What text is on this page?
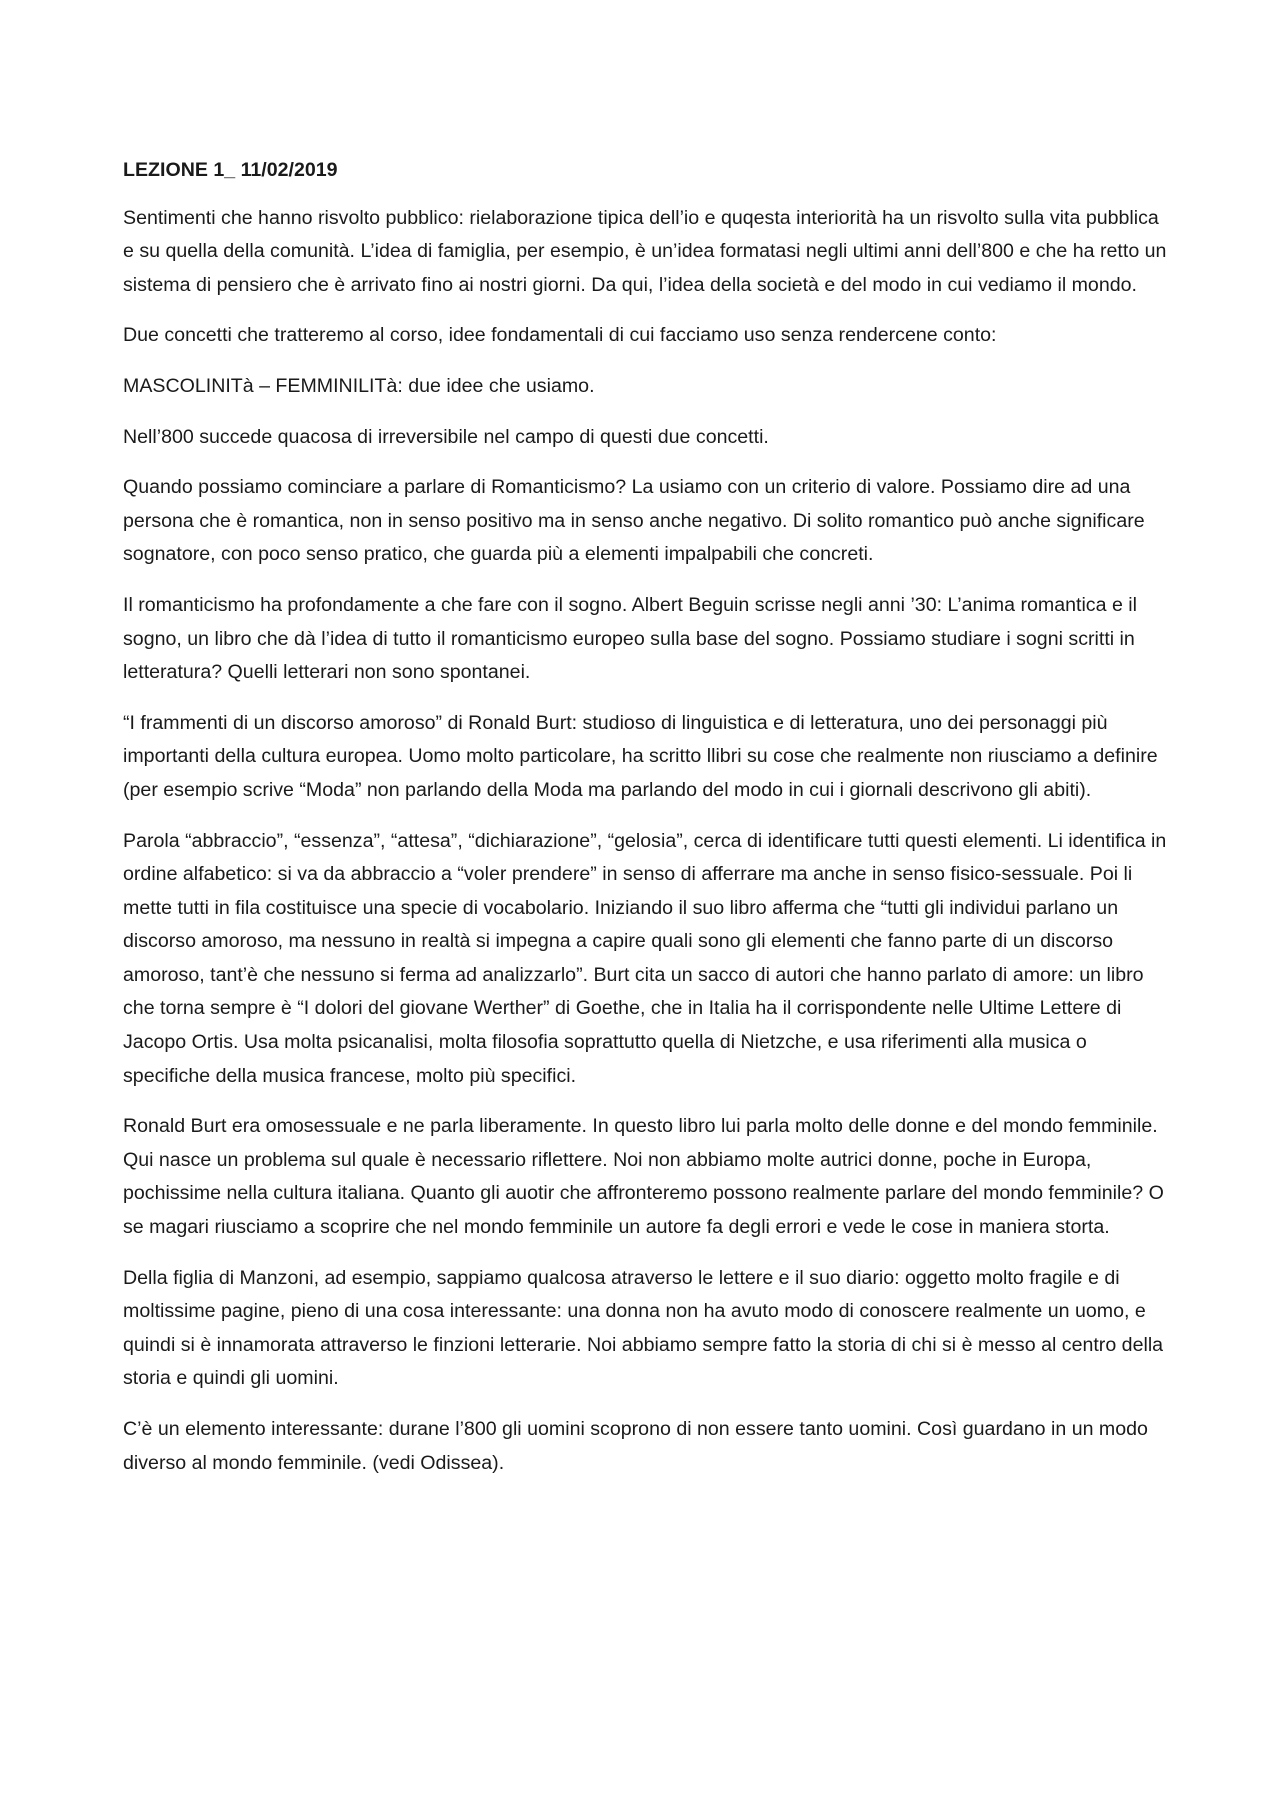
LEZIONE 1_ 11/02/2019

Sentimenti che hanno risvolto pubblico: rielaborazione tipica dell’io e quqesta interiorità ha un risvolto sulla vita pubblica e su quella della comunità. L’idea di famiglia, per esempio, è un’idea formatasi negli ultimi anni dell’800 e che ha retto un sistema di pensiero che è arrivato fino ai nostri giorni. Da qui, l’idea della società e del modo in cui vediamo il mondo.

Due concetti che tratteremo al corso, idee fondamentali di cui facciamo uso senza rendercene conto:

MASCOLINITà – FEMMINILITà: due idee che usiamo.

Nell’800 succede quacosa di irreversibile nel campo di questi due concetti.

Quando possiamo cominciare a parlare di Romanticismo? La usiamo con un criterio di valore. Possiamo dire ad una persona che è romantica, non in senso positivo ma in senso anche negativo. Di solito romantico può anche significare sognatore, con poco senso pratico, che guarda più a elementi impalpabili che concreti.

Il romanticismo ha profondamente a che fare con il sogno. Albert Beguin scrisse negli anni ’30: L’anima romantica e il sogno, un libro che dà l’idea di tutto il romanticismo europeo sulla base del sogno. Possiamo studiare i sogni scritti in letteratura? Quelli letterari non sono spontanei.

“I frammenti di un discorso amoroso” di Ronald Burt: studioso di linguistica e di letteratura, uno dei personaggi più importanti della cultura europea. Uomo molto particolare, ha scritto llibri su cose che realmente non riusciamo a definire (per esempio scrive “Moda” non parlando della Moda ma parlando del modo in cui i giornali descrivono gli abiti).

Parola “abbraccio”, “essenza”, “attesa”, “dichiarazione”, “gelosia”, cerca di identificare tutti questi elementi. Li identifica in ordine alfabetico: si va da abbraccio a “voler prendere” in senso di afferrare ma anche in senso fisico-sessuale. Poi li mette tutti in fila costituisce una specie di vocabolario. Iniziando il suo libro afferma che “tutti gli individui parlano un discorso amoroso, ma nessuno in realtà si impegna a capire quali sono gli elementi che fanno parte di un discorso amoroso, tant’è che nessuno si ferma ad analizzarlo”. Burt cita un sacco di autori che hanno parlato di amore: un libro che torna sempre è “I dolori del giovane Werther” di Goethe, che in Italia ha il corrispondente nelle Ultime Lettere di Jacopo Ortis. Usa molta psicanalisi, molta filosofia soprattutto quella di Nietzche, e usa riferimenti alla musica o specifiche della musica francese, molto più specifici.

Ronald Burt era omosessuale e ne parla liberamente. In questo libro lui parla molto delle donne e del mondo femminile. Qui nasce un problema sul quale è necessario riflettere. Noi non abbiamo molte autrici donne, poche in Europa, pochissime nella cultura italiana. Quanto gli auotir che affronteremo possono realmente parlare del mondo femminile? O se magari riusciamo a scoprire che nel mondo femminile un autore fa degli errori e vede le cose in maniera storta.

Della figlia di Manzoni, ad esempio, sappiamo qualcosa atraverso le lettere e il suo diario: oggetto molto fragile e di moltissime pagine, pieno di una cosa interessante: una donna non ha avuto modo di conoscere realmente un uomo, e quindi si è innamorata attraverso le finzioni letterarie. Noi abbiamo sempre fatto la storia di chi si è messo al centro della storia e quindi gli uomini.

C’è un elemento interessante: durane l’800 gli uomini scoprono di non essere tanto uomini. Così guardano in un modo diverso al mondo femminile. (vedi Odissea).
